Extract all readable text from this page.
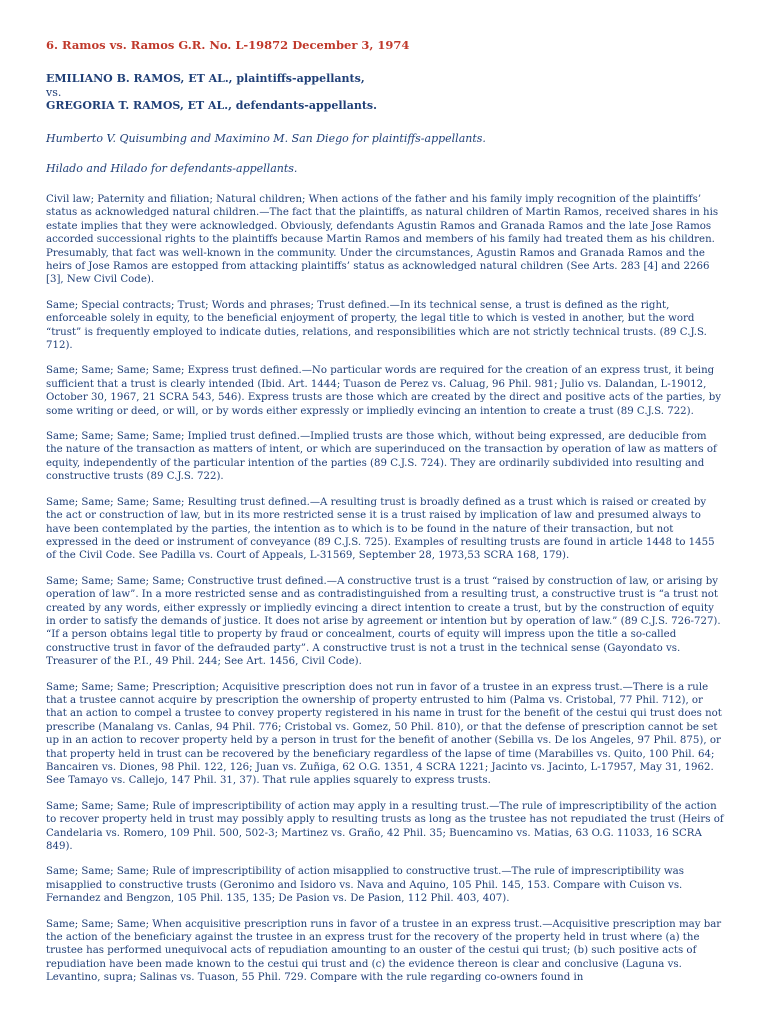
6. Ramos vs. Ramos G.R. No. L-19872 December 3, 1974
EMILIANO B. RAMOS, ET AL., plaintiffs-appellants,
vs.
GREGORIA T. RAMOS, ET AL., defendants-appellants.
Humberto V. Quisumbing and Maximino M. San Diego for plaintiffs-appellants.
Hilado and Hilado for defendants-appellants.

Civil law; Paternity and filiation; Natural children; When actions of the father and his family imply recognition of the plaintiffs’ status as acknowledged natural children.—The fact that the plaintiffs, as natural children of Martin Ramos, received shares in his estate implies that they were acknowledged. Obviously, defendants Agustin Ramos and Granada Ramos and the late Jose Ramos accorded successional rights to the plaintiffs because Martin Ramos and members of his family had treated them as his children. Presumably, that fact was well-known in the community. Under the circumstances, Agustin Ramos and Granada Ramos and the heirs of Jose Ramos are estopped from attacking plaintiffs’ status as acknowledged natural children (See Arts. 283 [4] and 2266 [3], New Civil Code).

Same; Special contracts; Trust; Words and phrases; Trust defined.—In its technical sense, a trust is defined as the right, enforceable solely in equity, to the beneficial enjoyment of property, the legal title to which is vested in another, but the word “trust” is frequently employed to indicate duties, relations, and responsibilities which are not strictly technical trusts. (89 C.J.S. 712).

Same; Same; Same; Same; Express trust defined.—No particular words are required for the creation of an express trust, it being sufficient that a trust is clearly intended (Ibid. Art. 1444; Tuason de Perez vs. Caluag, 96 Phil. 981; Julio vs. Dalandan, L-19012, October 30, 1967, 21 SCRA 543, 546). Express trusts are those which are created by the direct and positive acts of the parties, by some writing or deed, or will, or by words either expressly or impliedly evincing an intention to create a trust (89 C.J.S. 722).

Same; Same; Same; Same; Implied trust defined.—Implied trusts are those which, without being expressed, are deducible from the nature of the transaction as matters of intent, or which are superinduced on the transaction by operation of law as matters of equity, independently of the particular intention of the parties (89 C.J.S. 724). They are ordinarily subdivided into resulting and constructive trusts (89 C.J.S. 722).

Same; Same; Same; Same; Resulting trust defined.—A resulting trust is broadly defined as a trust which is raised or created by the act or construction of law, but in its more restricted sense it is a trust raised by implication of law and presumed always to have been contemplated by the parties, the intention as to which is to be found in the nature of their transaction, but not expressed in the deed or instrument of conveyance (89 C.J.S. 725). Examples of resulting trusts are found in article 1448 to 1455 of the Civil Code. See Padilla vs. Court of Appeals, L-31569, September 28, 1973,53 SCRA 168, 179).

Same; Same; Same; Same; Constructive trust defined.—A constructive trust is a trust “raised by construction of law, or arising by operation of law”. In a more restricted sense and as contradistinguished from a resulting trust, a constructive trust is “a trust not created by any words, either expressly or impliedly evincing a direct intention to create a trust, but by the construction of equity in order to satisfy the demands of justice. It does not arise by agreement or intention but by operation of law.” (89 C.J.S. 726-727). “If a person obtains legal title to property by fraud or concealment, courts of equity will impress upon the title a so-called constructive trust in favor of the defrauded party”. A constructive trust is not a trust in the technical sense (Gayondato vs. Treasurer of the P.I., 49 Phil. 244; See Art. 1456, Civil Code).

Same; Same; Same; Prescription; Acquisitive prescription does not run in favor of a trustee in an express trust.—There is a rule that a trustee cannot acquire by prescription the ownership of property entrusted to him (Palma vs. Cristobal, 77 Phil. 712), or that an action to compel a trustee to convey property registered in his name in trust for the benefit of the cestui qui trust does not prescribe (Manalang vs. Canlas, 94 Phil. 776; Cristobal vs. Gomez, 50 Phil. 810), or that the defense of prescription cannot be set up in an action to recover property held by a person in trust for the benefit of another (Sebilla vs. De los Angeles, 97 Phil. 875), or that property held in trust can be recovered by the beneficiary regardless of the lapse of time (Marabilles vs. Quito, 100 Phil. 64; Bancairen vs. Diones, 98 Phil. 122, 126; Juan vs. Zuñiga, 62 O.G. 1351, 4 SCRA 1221; Jacinto vs. Jacinto, L-17957, May 31, 1962. See Tamayo vs. Callejo, 147 Phil. 31, 37). That rule applies squarely to express trusts.

Same; Same; Same; Rule of imprescriptibility of action may apply in a resulting trust.—The rule of imprescriptibility of the action to recover property held in trust may possibly apply to resulting trusts as long as the trustee has not repudiated the trust (Heirs of Candelaria vs. Romero, 109 Phil. 500, 502-3; Martinez vs. Graño, 42 Phil. 35; Buencamino vs. Matias, 63 O.G. 11033, 16 SCRA 849).

Same; Same; Same; Rule of imprescriptibility of action misapplied to constructive trust.—The rule of imprescriptibility was misapplied to constructive trusts (Geronimo and Isidoro vs. Nava and Aquino, 105 Phil. 145, 153. Compare with Cuison vs. Fernandez and Bengzon, 105 Phil. 135, 135; De Pasion vs. De Pasion, 112 Phil. 403, 407).

Same; Same; Same; When acquisitive prescription runs in favor of a trustee in an express trust.—Acquisitive prescription may bar the action of the beneficiary against the trustee in an express trust for the recovery of the property held in trust where (a) the trustee has performed unequivocal acts of repudiation amounting to an ouster of the cestui qui trust; (b) such positive acts of repudiation have been made known to the cestui qui trust and (c) the evidence thereon is clear and conclusive (Laguna vs. Levantino, supra; Salinas vs. Tuason, 55 Phil. 729. Compare with the rule regarding co-owners found in
